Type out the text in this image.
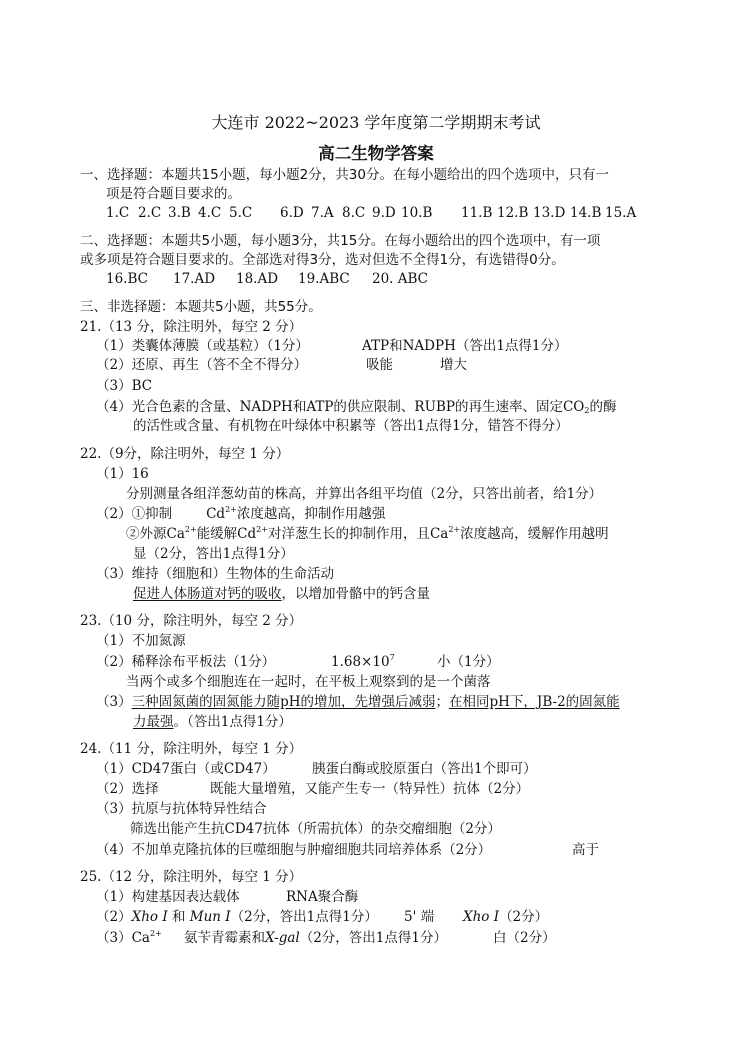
大连市 2022~2023 学年度第二学期期末考试
高二生物学答案
一、选择题：本题共15小题，每小题2分，共30分。在每小题给出的四个选项中，只有一
项是符合题目要求的。
1.C 2.C 3.B 4.C 5.C 6.D 7.A 8.C 9.D 10.B 11.B 12.B 13.D 14.B 15.A
二、选择题：本题共5小题，每小题3分，共15分。在每小题给出的四个选项中，有一项
或多项是符合题目要求的。全部选对得3分，选对但选不全得1分，有选错得0分。
16.BC 17.AD 18.AD 19.ABC 20. ABC
三、非选择题：本题共5小题，共55分。
21.（13 分，除注明外，每空 2 分）
（1）类囊体薄膜（或基粒）（1分）	ATP和NADPH（答出1点得1分）
（2）还原、再生（答不全不得分）	吸能	增大
（3）BC
（4）光合色素的含量、NADPH和ATP的供应限制、RUBP的再生速率、固定$CO_2$的酶
的活性或含量、有机物在叶绿体中积累等（答出1点得1分，错答不得分）
22.（9分，除注明外，每空 1 分）
（1）16
分别测量各组洋葱幼苗的株高，并算出各组平均值（2分，只答出前者，给1分）
（2）①抑制	$Cd^{2+}$浓度越高，抑制作用越强
②外源$Ca^{2+}$能缓解$Cd^{2+}$对洋葱生长的抑制作用，且$Ca^{2+}$浓度越高，缓解作用越明
显（2分，答出1点得1分）
（3）维持（细胞和）生物体的生命活动
促进人体肠道对钙的吸收，以增加骨骼中的钙含量
23.（10 分，除注明外，每空 2 分）
（1）不加氮源
（2）稀释涂布平板法（1分）	$1.68\times 10^7$	小（1分）
当两个或多个细胞连在一起时，在平板上观察到的是一个菌落
（3）三种固氮菌的固氮能力随pH的增加，先增强后减弱；在相同pH下，JB-2的固氮能
力最强。（答出1点得1分）
24.（11 分，除注明外，每空 1 分）
（1）CD47蛋白（或CD47）	胰蛋白酶或胶原蛋白（答出1个即可）
（2）选择	既能大量增殖，又能产生专一（特异性）抗体（2分）
（3）抗原与抗体特异性结合
筛选出能产生抗CD47抗体（所需抗体）的杂交瘤细胞（2分）
（4）不加单克隆抗体的巨噬细胞与肿瘤细胞共同培养体系（2分）	高于
25.（12 分，除注明外，每空 1 分）
（1）构建基因表达载体	RNA聚合酶
（2）Xho I 和 Mun I（2分，答出1点得1分） 5' 端 Xho I（2分）
$(3)Ca^{2+}$ 氨苄青霉素和X-gal（2分，答出1点得1分）	白（2分）
